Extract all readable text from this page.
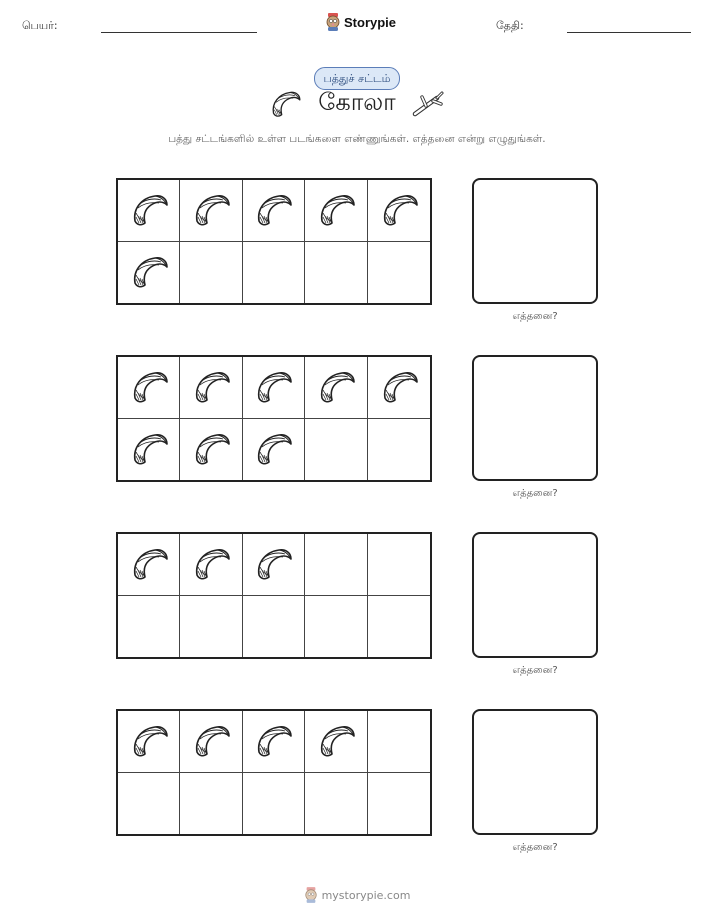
பெயர்:	Storypie	தேதி:
பத்துச் சட்டம்
கோலா
பத்து சட்டங்களில் உள்ள படங்களை எண்ணுங்கள். எத்தனை என்று எழுதுங்கள்.
எத்தனை?
எத்தனை?
எத்தனை?
எத்தனை?
mystorypie.com
